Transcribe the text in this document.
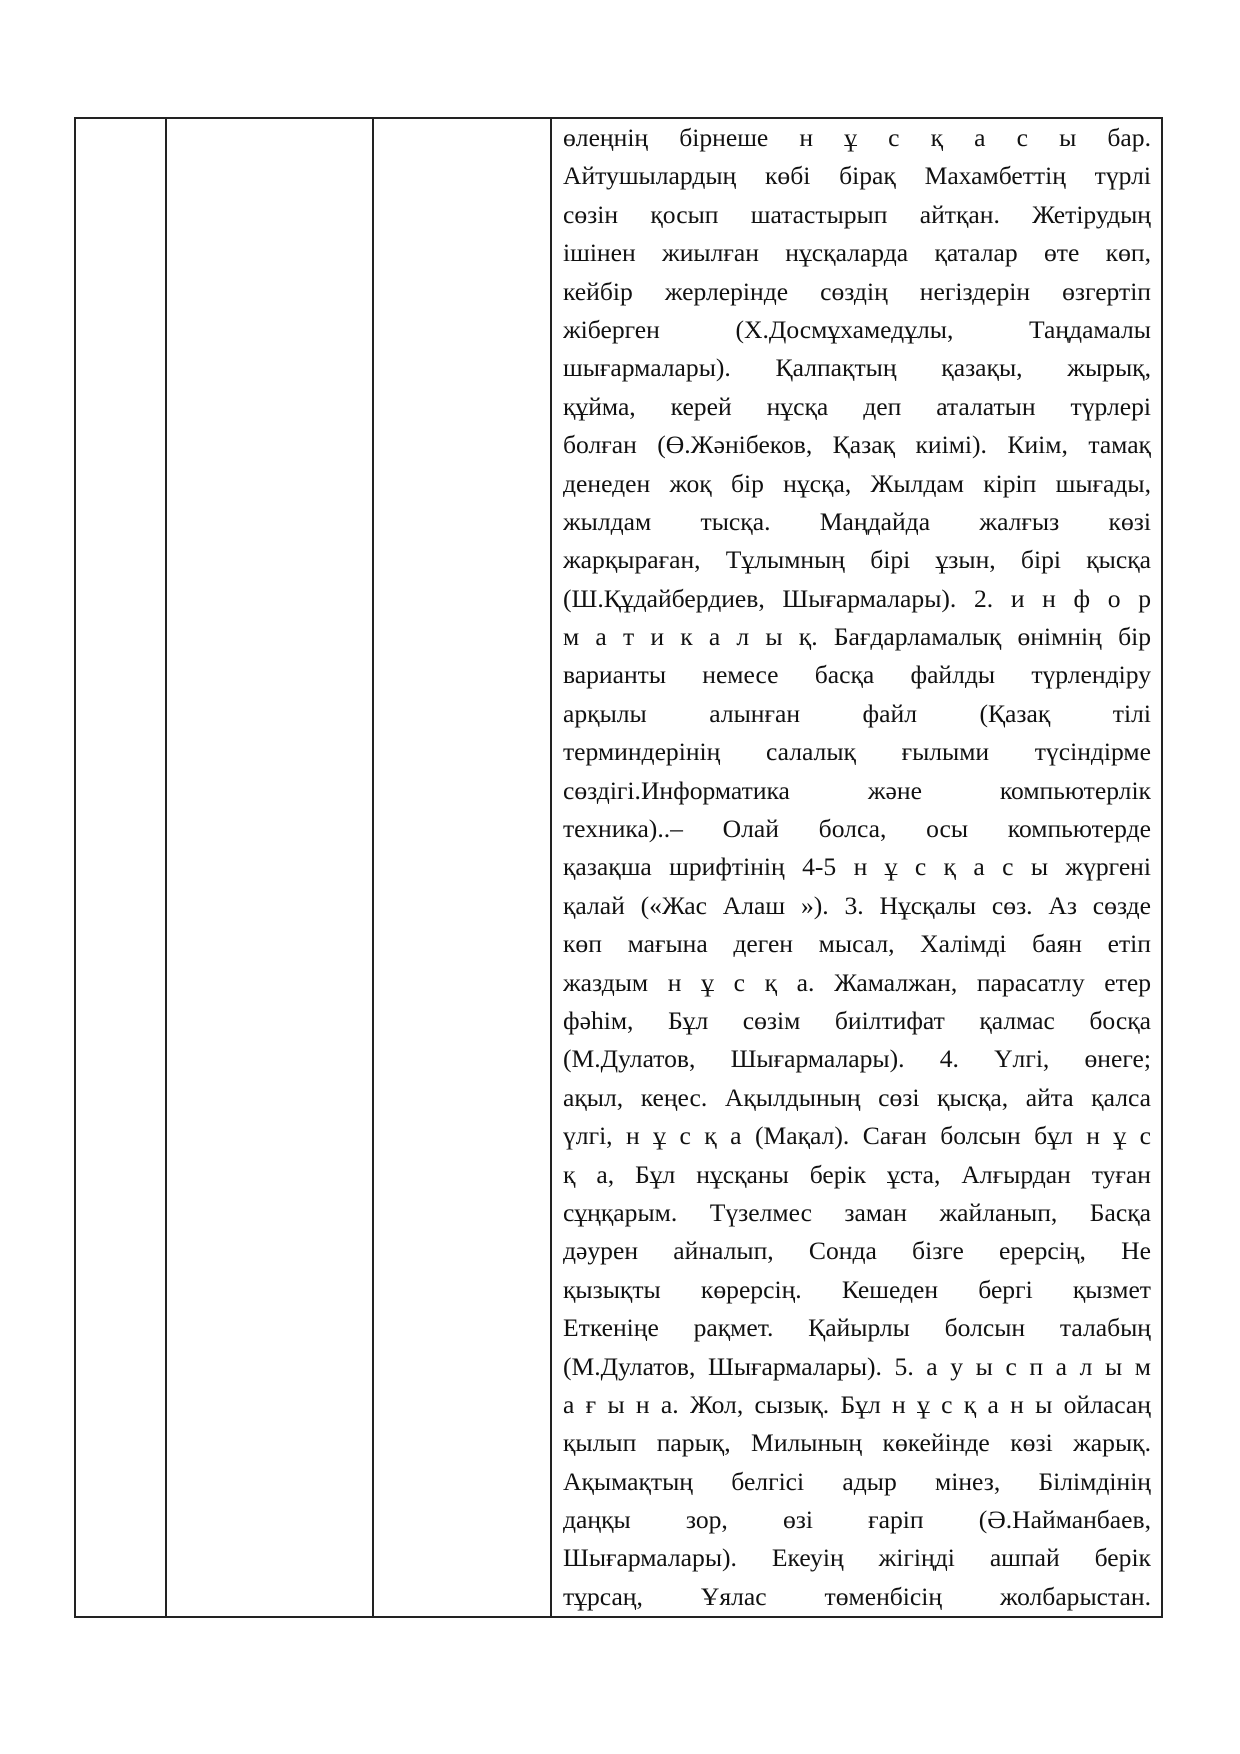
өлеңнің бірнеше н ұ с қ а с ы бар.
Айтушылардың көбі бірақ Махамбеттің түрлі
сөзін қосып шатастырып айтқан. Жетірудың
ішінен жиылған нұсқаларда қаталар өте көп,
кейбір жерлерінде сөздің негіздерін өзгертіп
жіберген (Х.Досмұхамедұлы, Таңдамалы
шығармалары). Қалпақтың қазақы, жырық,
құйма, керей нұсқа деп аталатын түрлері
болған (Ө.Жәнібеков, Қазақ киімі). Киім, тамақ
денеден жоқ бір нұсқа, Жылдам кіріп шығады,
жылдам тысқа. Маңдайда жалғыз көзі
жарқыраған, Тұлымның бірі ұзын, бірі қысқа
(Ш.Құдайбердиев, Шығармалары). 2. и н ф о р
м а т и к а л ы қ. Бағдарламалық өнімнің бір
варианты немесе басқа файлды түрлендіру
арқылы алынған файл (Қазақ тілі
терминдерінің салалық ғылыми түсіндірме
сөздігі.Информатика және компьютерлік
техника)..– Олай болса, осы компьютерде
қазақша шрифтінің 4-5 н ұ с қ а с ы жүргені
қалай («Жас Алаш »). 3. Нұсқалы сөз. Аз сөзде
көп мағына деген мысал, Халімді баян етіп
жаздым н ұ с қ а. Жамалжан, парасатлу етер
фәһім, Бұл сөзім биілтифат қалмас босқа
(М.Дулатов, Шығармалары). 4. Үлгі, өнеге;
ақыл, кеңес. Ақылдының сөзі қысқа, айта қалса
үлгі, н ұ с қ а (Мақал). Саған болсын бұл н ұ с
қ а, Бұл нұсқаны берік ұста, Алғырдан туған
сұңқарым. Түзелмес заман жайланып, Басқа
дәурен айналып, Сонда бізге ерерсің, Не
қызықты көрерсің. Кешеден бергі қызмет
Еткеніңе рақмет. Қайырлы болсын талабың
(М.Дулатов, Шығармалары). 5. а у ы с п а л ы м
а ғ ы н а. Жол, сызық. Бұл н ұ с қ а н ы ойласаң
қылып парық, Милының көкейінде көзі жарық.
Ақымақтың белгісі адыр мінез, Білімдінің
даңқы зор, өзі ғаріп (Ә.Найманбаев,
Шығармалары). Екеуің жігіңді ашпай берік
тұрсаң, Ұялас төменбісің жолбарыстан.
